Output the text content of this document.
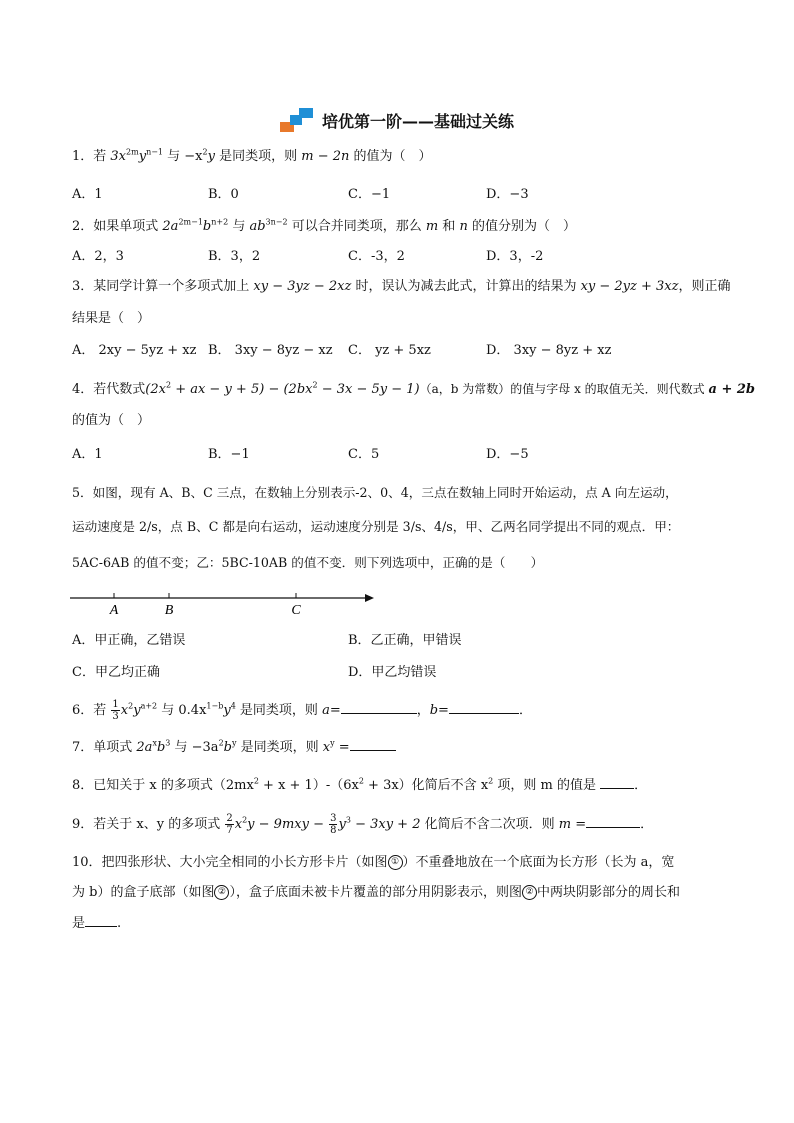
培优第一阶——基础过关练
1．若 $3x^{2m}y^{n-1}$ 与 $-x^2y$ 是同类项，则 m − 2n 的值为（　）
A．1	B．0	C．−1	D．−3
2．如果单项式 $2a^{2m-1}b^{n+2}$ 与 $ab^{3n-2}$ 可以合并同类项，那么 m 和 n 的值分别为（　）
A．2，3	B．3，2	C．-3，2	D．3，-2
3．某同学计算一个多项式加上 xy − 3yz − 2xz 时，误认为减去此式，计算出的结果为 xy − 2yz + 3xz，则正确
结果是（　）
A． 2xy − 5yz + xz B． 3xy − 8yz − xz C． yz + 5xz	D． 3xy − 8yz + xz
4．若代数式($2x^2$ + ax − $y + 5) - (2bx^2 - 3x - 5y - 1)(a$，b 为常数）的值与字母 x 的取值无关．则代数式 a + 2b
的值为（　）
A．1	B．−1	C．5	D．−5
5．如图，现有 A、B、C 三点，在数轴上分别表示-2、0、4，三点在数轴上同时开始运动，点 A 向左运动，
运动速度是 2/s，点 B、C 都是向右运动，运动速度分别是 3/s、4/s，甲、乙两名同学提出不同的观点．甲：
5AC-6AB 的值不变；乙：5BC-10AB 的值不变．则下列选项中，正确的是（　　）
A	B	C
A．甲正确，乙错误	B．乙正确，甲错误
C．甲乙均正确	D．甲乙均错误
6．若 $\frac{1}{3} x^2y^{a+2}$ 与 $0.4x^{1-b}y^4$ 是同类项，则 a=	，b=	．
7．单项式 $2a^xb^3$ 与 $-3a^2b^y$ 是同类项，则 $x^y$ =
8．已知关于 x 的多项式$(2mx^2 + x + 1)-(6x^2 + 3x)$化简后不含 $x^2$ 项，则 m 的值是	．
9．若关于 x、y 的多项式 $\frac{2}{7} x^2y - 9mxy - \frac{3}{8} y^3 - 3xy + 2$ 化简后不含二次项．则 m =	．
10．把四张形状、大小完全相同的小长方形卡片（如图 ① ）不重叠地放在一个底面为长方形（长为 a，宽
为 b）的盒子底部（如图 ② ），盒子底面未被卡片覆盖的部分用阴影表示，则图 ② 中两块阴影部分的周长和
是 .
